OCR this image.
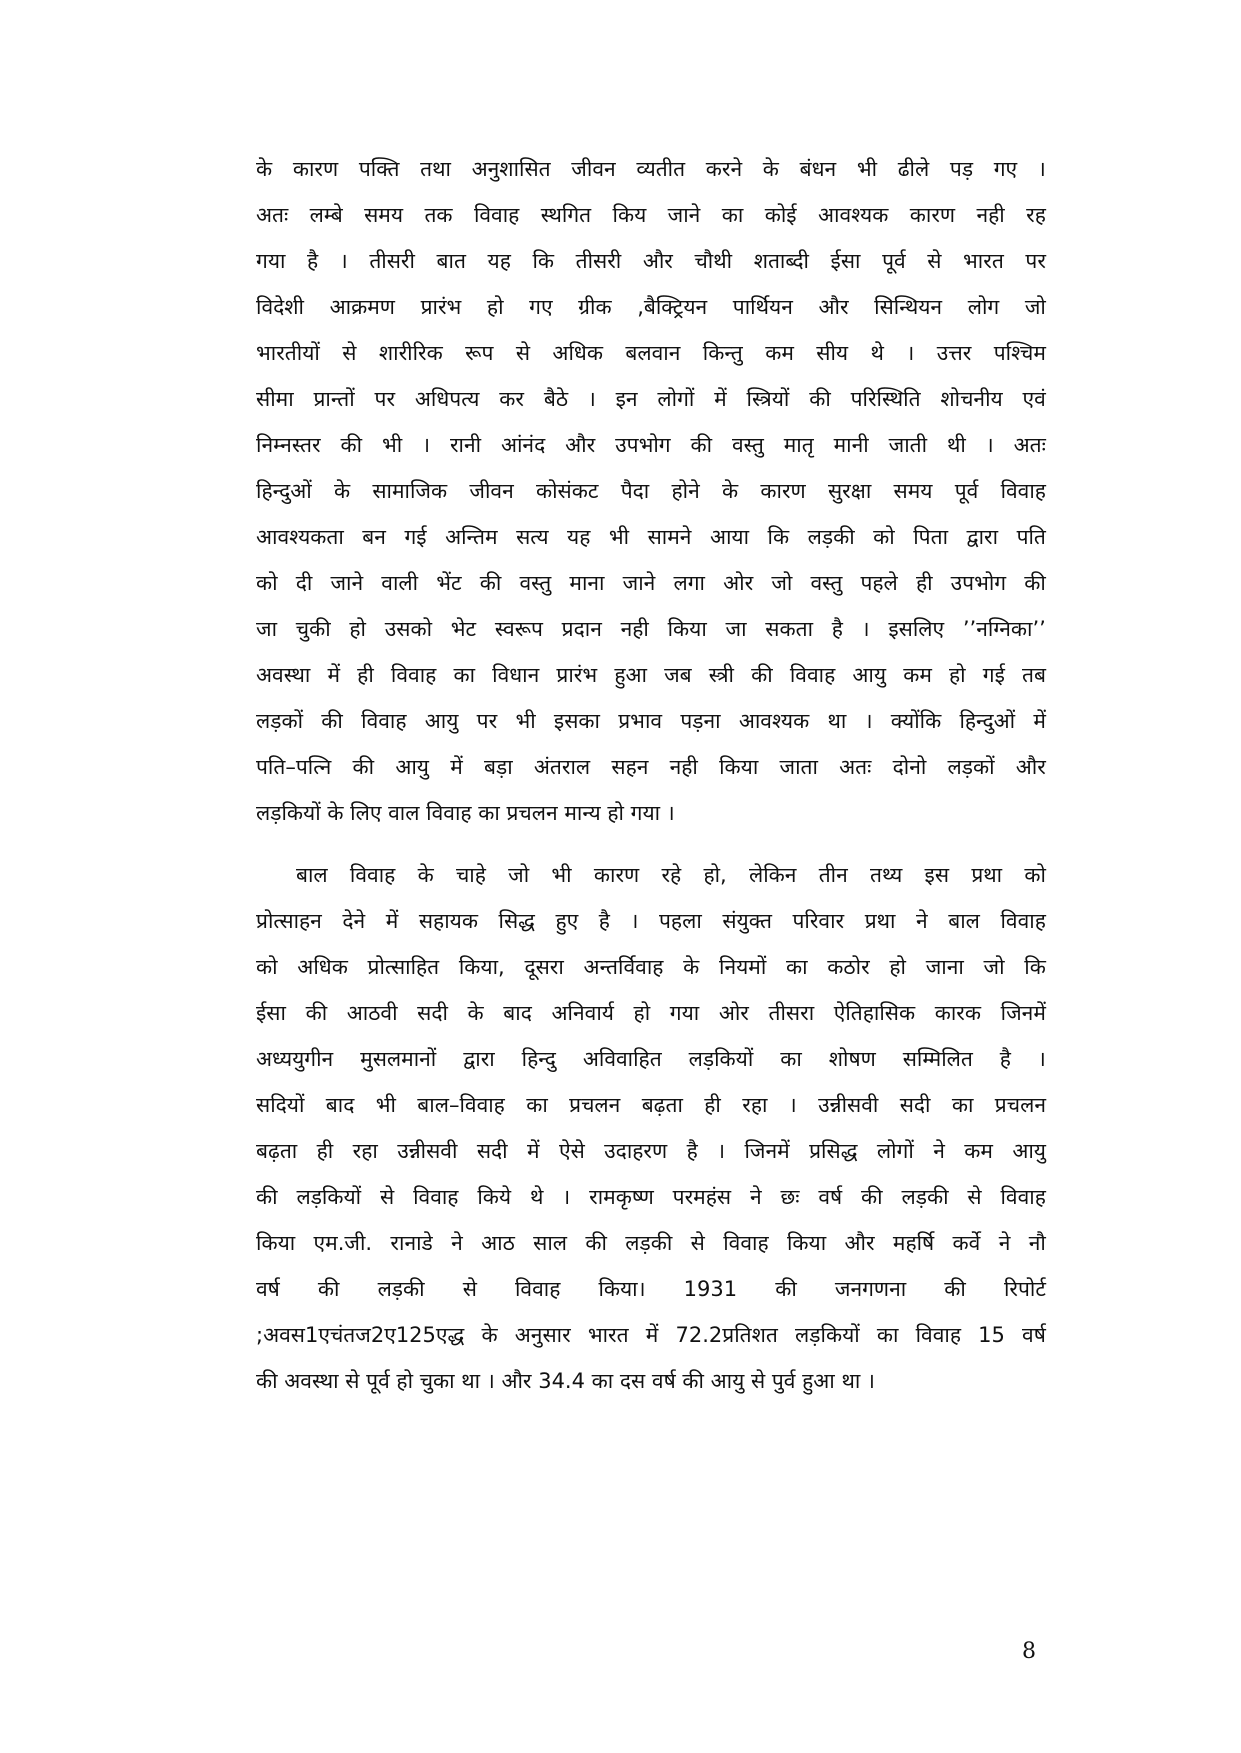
के कारण पक्ति तथा अनुशासित जीवन व्यतीत करने के बंधन भी ढीले पड़ गए ।
अतः लम्बे समय तक विवाह स्थगित किय जाने का कोई आवश्यक कारण नही रह
गया है । तीसरी बात यह कि तीसरी और चौथी शताब्दी ईसा पूर्व से भारत पर
विदेशी आक्रमण प्रारंभ हो गए ग्रीक ,बैक्ट्रियन पार्थियन और सिन्थियन लोग जो
भारतीयों से शारीरिक रूप से अधिक बलवान किन्तु कम सीय थे । उत्तर पश्चिम
सीमा प्रान्तों पर अधिपत्य कर बैठे । इन लोगों में स्त्रियों की परिस्थिति शोचनीय एवं
निम्नस्तर की भी । रानी आंनंद और उपभोग की वस्तु मातृ मानी जाती थी । अतः
हिन्दुओं के सामाजिक जीवन कोसंकट पैदा होने के कारण सुरक्षा समय पूर्व विवाह
आवश्यकता बन गई अन्तिम सत्य यह भी सामने आया कि लड़की को पिता द्वारा पति
को दी जाने वाली भेंट की वस्तु माना जाने लगा ओर जो वस्तु पहले ही उपभोग की
जा चुकी हो उसको भेट स्वरूप प्रदान नही किया जा सकता है । इसलिए ’’नग्निका’’
अवस्था में ही विवाह का विधान प्रारंभ हुआ जब स्त्री की विवाह आयु कम हो गई तब
लड़कों की विवाह आयु पर भी इसका प्रभाव पड़ना आवश्यक था । क्योंकि हिन्दुओं में
पति–पत्नि की आयु में बड़ा अंतराल सहन नही किया जाता अतः दोनो लड़कों और
लड़कियों के लिए वाल विवाह का प्रचलन मान्य हो गया ।
बाल विवाह के चाहे जो भी कारण रहे हो, लेकिन तीन तथ्य इस प्रथा को
प्रोत्साहन देने में सहायक सिद्ध हुए है । पहला संयुक्त परिवार प्रथा ने बाल विवाह
को अधिक प्रोत्साहित किया, दूसरा अन्तर्विवाह के नियमों का कठोर हो जाना जो कि
ईसा की आठवी सदी के बाद अनिवार्य हो गया ओर तीसरा ऐतिहासिक कारक जिनमें
अध्ययुगीन मुसलमानों द्वारा हिन्दु अविवाहित लड़कियों का शोषण सम्मिलित है ।
सदियों बाद भी बाल–विवाह का प्रचलन बढ़ता ही रहा । उन्नीसवी सदी का प्रचलन
बढ़ता ही रहा उन्नीसवी सदी में ऐसे उदाहरण है । जिनमें प्रसिद्ध लोगों ने कम आयु
की लड़कियों से विवाह किये थे । रामकृष्ण परमहंस ने छः वर्ष की लड़की से विवाह
किया एम.जी. रानाडे ने आठ साल की लड़की से विवाह किया और महर्षि कर्वे ने नौ
वर्ष की लड़की से विवाह किया। 1931 की जनगणना की रिपोर्ट
;अवस1एचंतज2ए125एद्ध के अनुसार भारत में 72.2प्रतिशत लड़कियों का विवाह 15 वर्ष
की अवस्था से पूर्व हो चुका था । और 34.4 का दस वर्ष की आयु से पुर्व हुआ था ।
8
